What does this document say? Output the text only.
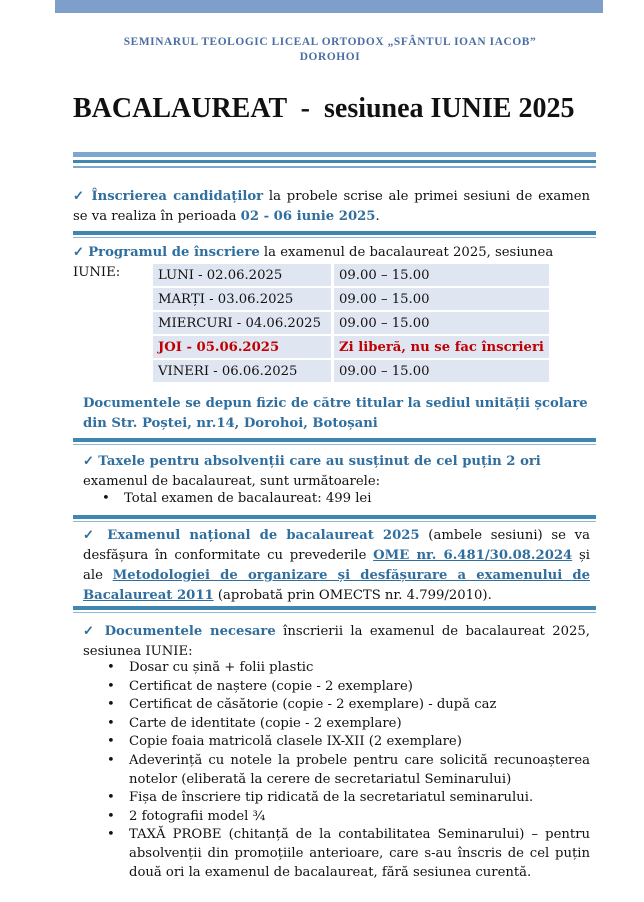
SEMINARUL TEOLOGIC LICEAL ORTODOX „SFÂNTUL IOAN IACOB”
DOROHOI
BACALAUREAT  -  sesiunea IUNIE 2025
✓ Înscrierea candidaților la probele scrise ale primei sesiuni de examen se va realiza în perioada 02 - 06 iunie 2025.
✓ Programul de înscriere la examenul de bacalaureat 2025, sesiunea IUNIE:	LUNI - 02.06.2025	09.00 – 15.00
MARȚI - 03.06.2025	09.00 – 15.00
MIERCURI - 04.06.2025	09.00 – 15.00
JOI - 05.06.2025	Zi liberă, nu se fac înscrieri
VINERI - 06.06.2025	09.00 – 15.00
Documentele se depun fizic de către titular la sediul unității școlare din Str. Poștei, nr.14, Dorohoi, Botoșani
✓ Taxele pentru absolvenții care au susținut de cel puțin 2 ori examenul de bacalaureat, sunt următoarele:
• Total examen de bacalaureat: 499 lei
✓ Examenul național de bacalaureat 2025 (ambele sesiuni) se va desfășura în conformitate cu prevederile OME nr. 6.481/30.08.2024 și ale Metodologiei de organizare și desfășurare a examenului de Bacalaureat 2011 (aprobată prin OMECTS nr. 4.799/2010).
✓ Documentele necesare înscrierii la examenul de bacalaureat 2025, sesiunea IUNIE:
• Dosar cu șină + folii plastic
• Certificat de naștere (copie - 2 exemplare)
• Certificat de căsătorie (copie - 2 exemplare) - după caz
• Carte de identitate (copie - 2 exemplare)
• Copie foaia matricolă clasele IX-XII (2 exemplare)
• Adeverință cu notele la probele pentru care solicită recunoașterea notelor (eliberată la cerere de secretariatul Seminarului)
• Fișa de înscriere tip ridicată de la secretariatul seminarului.
• 2 fotografii model ¾
• TAXĂ PROBE (chitanță de la contabilitatea Seminarului) – pentru absolvenții din promoțiile anterioare, care s-au înscris de cel puțin două ori la examenul de bacalaureat, fără sesiunea curentă.
